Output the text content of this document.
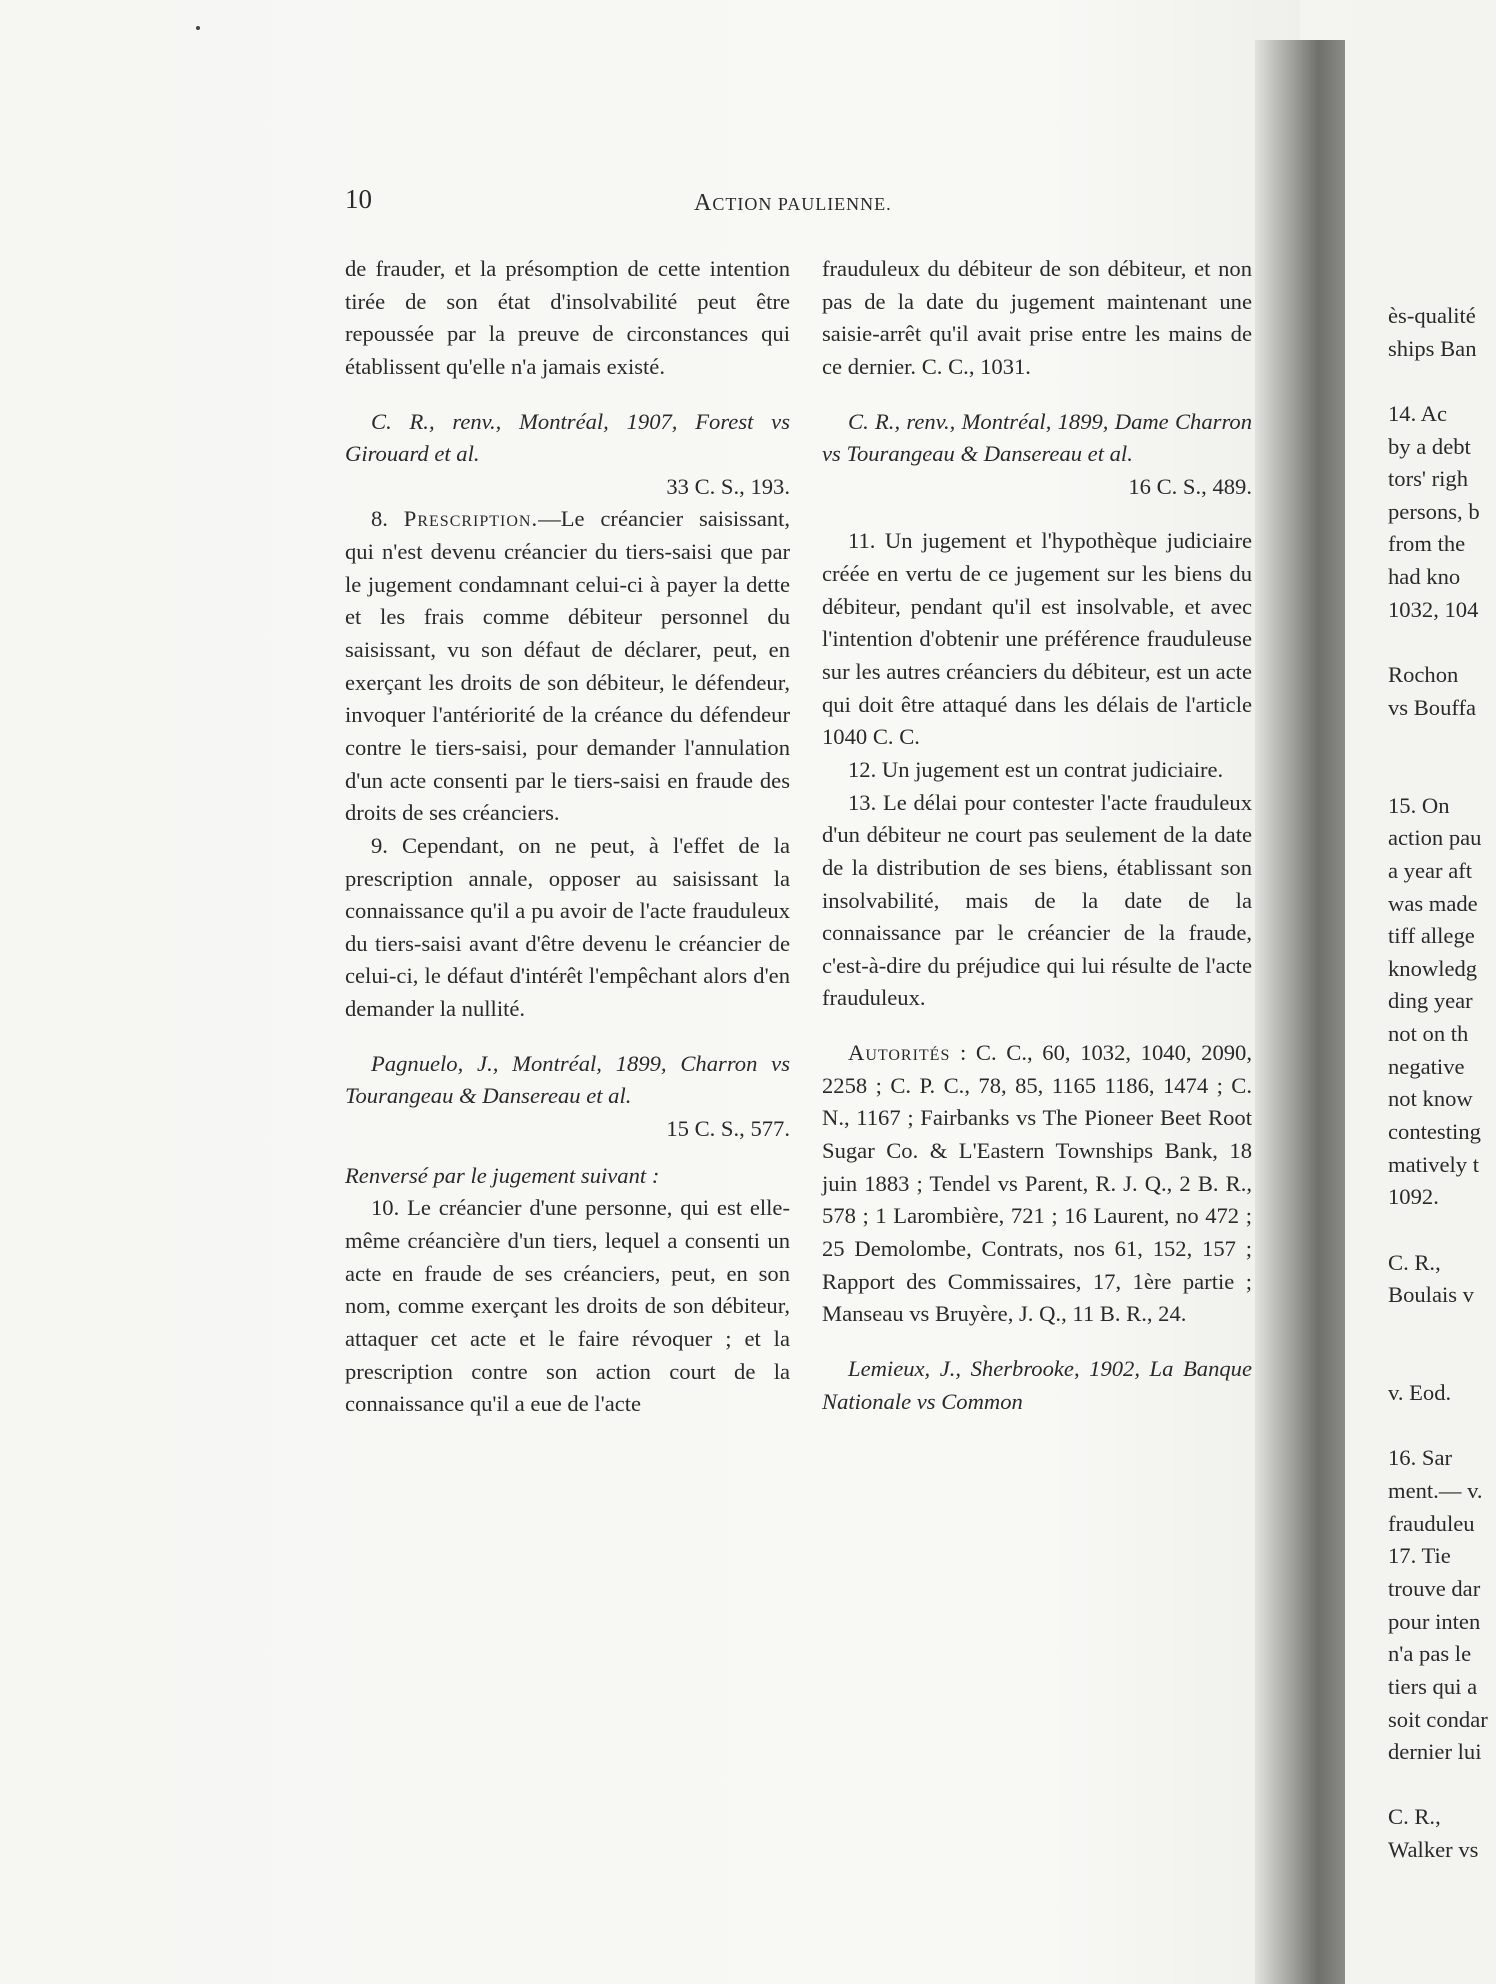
10	ACTION PAULIENNE.

de frauder, et la présomption de cette intention tirée de son état d'insolvabilité peut être repoussée par la preuve de circonstances qui établissent qu'elle n'a jamais existé.

C. R., renv., Montréal, 1907, Forest vs Girouard et al.

33 C. S., 193.

8. Prescription.—Le créancier saisissant, qui n'est devenu créancier du tiers-saisi que par le jugement condamnant celui-ci à payer la dette et les frais comme débiteur personnel du saisissant, vu son défaut de déclarer, peut, en exerçant les droits de son débiteur, le défendeur, invoquer l'antériorité de la créance du défendeur contre le tiers-saisi, pour demander l'annulation d'un acte consenti par le tiers-saisi en fraude des droits de ses créanciers.

9. Cependant, on ne peut, à l'effet de la prescription annale, opposer au saisissant la connaissance qu'il a pu avoir de l'acte frauduleux du tiers-saisi avant d'être devenu le créancier de celui-ci, le défaut d'intérêt l'empêchant alors d'en demander la nullité.

Pagnuelo, J., Montréal, 1899, Charron vs Tourangeau & Dansereau et al.

15 C. S., 577.

Renversé par le jugement suivant :

10. Le créancier d'une personne, qui est elle-même créancière d'un tiers, lequel a consenti un acte en fraude de ses créanciers, peut, en son nom, comme exerçant les droits de son débiteur, attaquer cet acte et le faire révoquer ; et la prescription contre son action court de la connaissance qu'il a eue de l'acte

frauduleux du débiteur de son débiteur, et non pas de la date du jugement maintenant une saisie-arrêt qu'il avait prise entre les mains de ce dernier. C. C., 1031.

C. R., renv., Montréal, 1899, Dame Charron vs Tourangeau & Dansereau et al.

16 C. S., 489.

11. Un jugement et l'hypothèque judiciaire créée en vertu de ce jugement sur les biens du débiteur, pendant qu'il est insolvable, et avec l'intention d'obtenir une préférence frauduleuse sur les autres créanciers du débiteur, est un acte qui doit être attaqué dans les délais de l'article 1040 C. C.

12. Un jugement est un contrat judiciaire.

13. Le délai pour contester l'acte frauduleux d'un débiteur ne court pas seulement de la date de la distribution de ses biens, établissant son insolvabilité, mais de la date de la connaissance par le créancier de la fraude, c'est-à-dire du préjudice qui lui résulte de l'acte frauduleux.

Autorités : C. C., 60, 1032, 1040, 2090, 2258 ; C. P. C., 78, 85, 1165 1186, 1474 ; C. N., 1167 ; Fairbanks vs The Pioneer Beet Root Sugar Co. & L'Eastern Townships Bank, 18 juin 1883 ; Tendel vs Parent, R. J. Q., 2 B. R., 578 ; 1 Larombière, 721 ; 16 Laurent, no 472 ; 25 Demolombe, Contrats, nos 61, 152, 157 ; Rapport des Commissaires, 17, 1ère partie ; Manseau vs Bruyère, J. Q., 11 B. R., 24.

Lemieux, J., Sherbrooke, 1902, La Banque Nationale vs Common

ès-qualité

ships Ban

14. Ac

by a debt

tors' righ

persons, b

from the

had kno

1032, 104

Rochon

vs Bouffa

15. On

action pau

a year aft

was made

tiff allege

knowledg

ding year

not on th

negative

not know

contesting

matively t

1092.

C. R.,

Boulais v

v. Eod.

16. Sar

ment.— v.

frauduleu

17. Tie

trouve dar

pour inten

n'a pas le

tiers qui a

soit condar

dernier lui

C. R.,

Walker vs
